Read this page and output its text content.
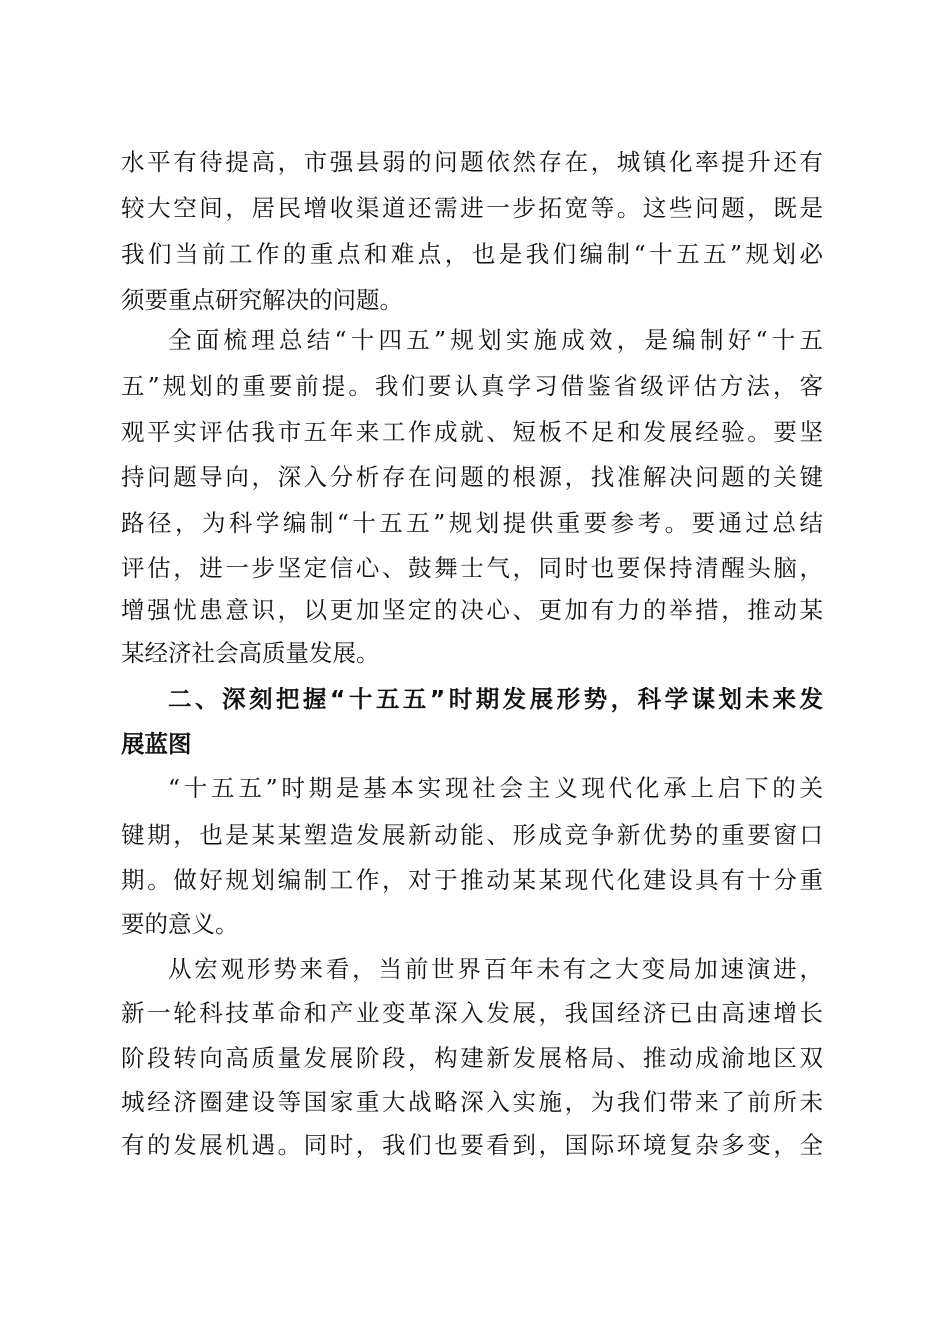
水平有待提高，市强县弱的问题依然存在，城镇化率提升还有
较大空间，居民增收渠道还需进一步拓宽等。这些问题，既是
我们当前工作的重点和难点，也是我们编制“十五五”规划必
须要重点研究解决的问题。
全面梳理总结“十四五”规划实施成效，是编制好“十五
五”规划的重要前提。我们要认真学习借鉴省级评估方法，客
观平实评估我市五年来工作成就、短板不足和发展经验。要坚
持问题导向，深入分析存在问题的根源，找准解决问题的关键
路径，为科学编制“十五五”规划提供重要参考。要通过总结
评估，进一步坚定信心、鼓舞士气，同时也要保持清醒头脑，
增强忧患意识，以更加坚定的决心、更加有力的举措，推动某
某经济社会高质量发展。
二、深刻把握“十五五”时期发展形势，科学谋划未来发
展蓝图
“十五五”时期是基本实现社会主义现代化承上启下的关
键期，也是某某塑造发展新动能、形成竞争新优势的重要窗口
期。做好规划编制工作，对于推动某某现代化建设具有十分重
要的意义。
从宏观形势来看，当前世界百年未有之大变局加速演进，
新一轮科技革命和产业变革深入发展，我国经济已由高速增长
阶段转向高质量发展阶段，构建新发展格局、推动成渝地区双
城经济圈建设等国家重大战略深入实施，为我们带来了前所未
有的发展机遇。同时，我们也要看到，国际环境复杂多变，全
